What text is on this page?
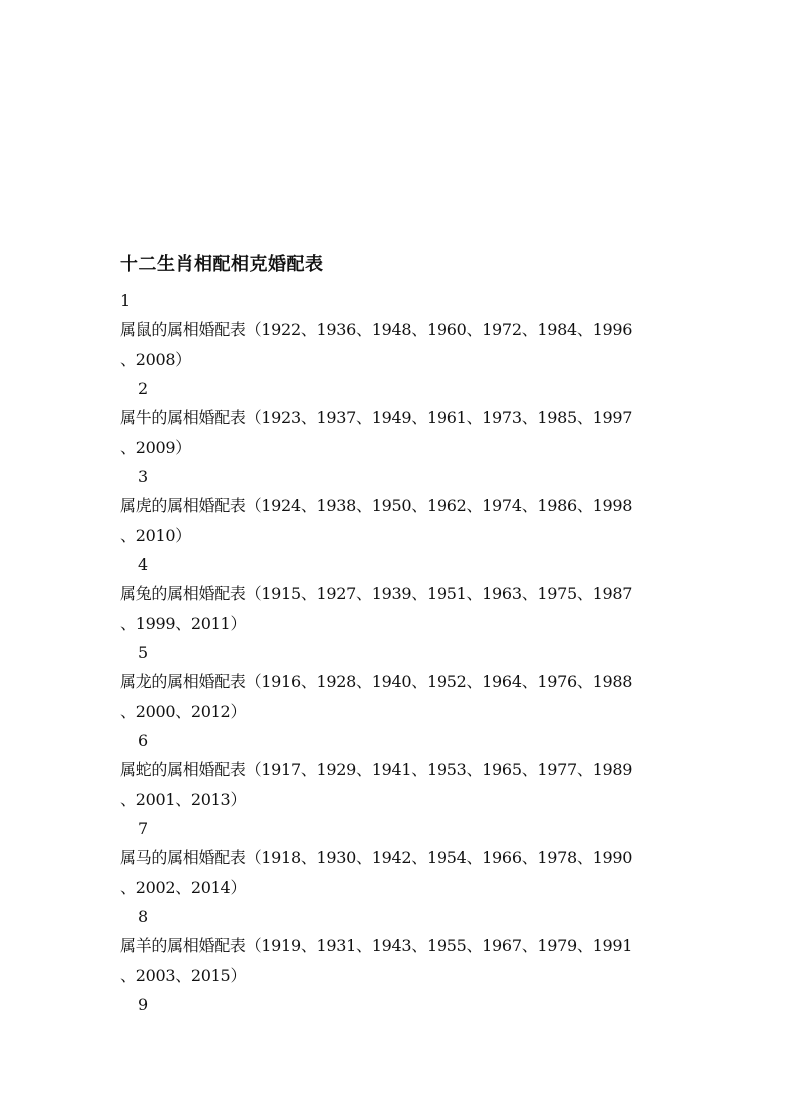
十二生肖相配相克婚配表
1
属鼠的属相婚配表（1922、1936、1948、1960、1972、1984、1996
、2008）
2
属牛的属相婚配表（1923、1937、1949、1961、1973、1985、1997
、2009）
3
属虎的属相婚配表（1924、1938、1950、1962、1974、1986、1998
、2010）
4
属兔的属相婚配表（1915、1927、1939、1951、1963、1975、1987
、1999、2011）
5
属龙的属相婚配表（1916、1928、1940、1952、1964、1976、1988
、2000、2012）
6
属蛇的属相婚配表（1917、1929、1941、1953、1965、1977、1989
、2001、2013）
7
属马的属相婚配表（1918、1930、1942、1954、1966、1978、1990
、2002、2014）
8
属羊的属相婚配表（1919、1931、1943、1955、1967、1979、1991
、2003、2015）
9
